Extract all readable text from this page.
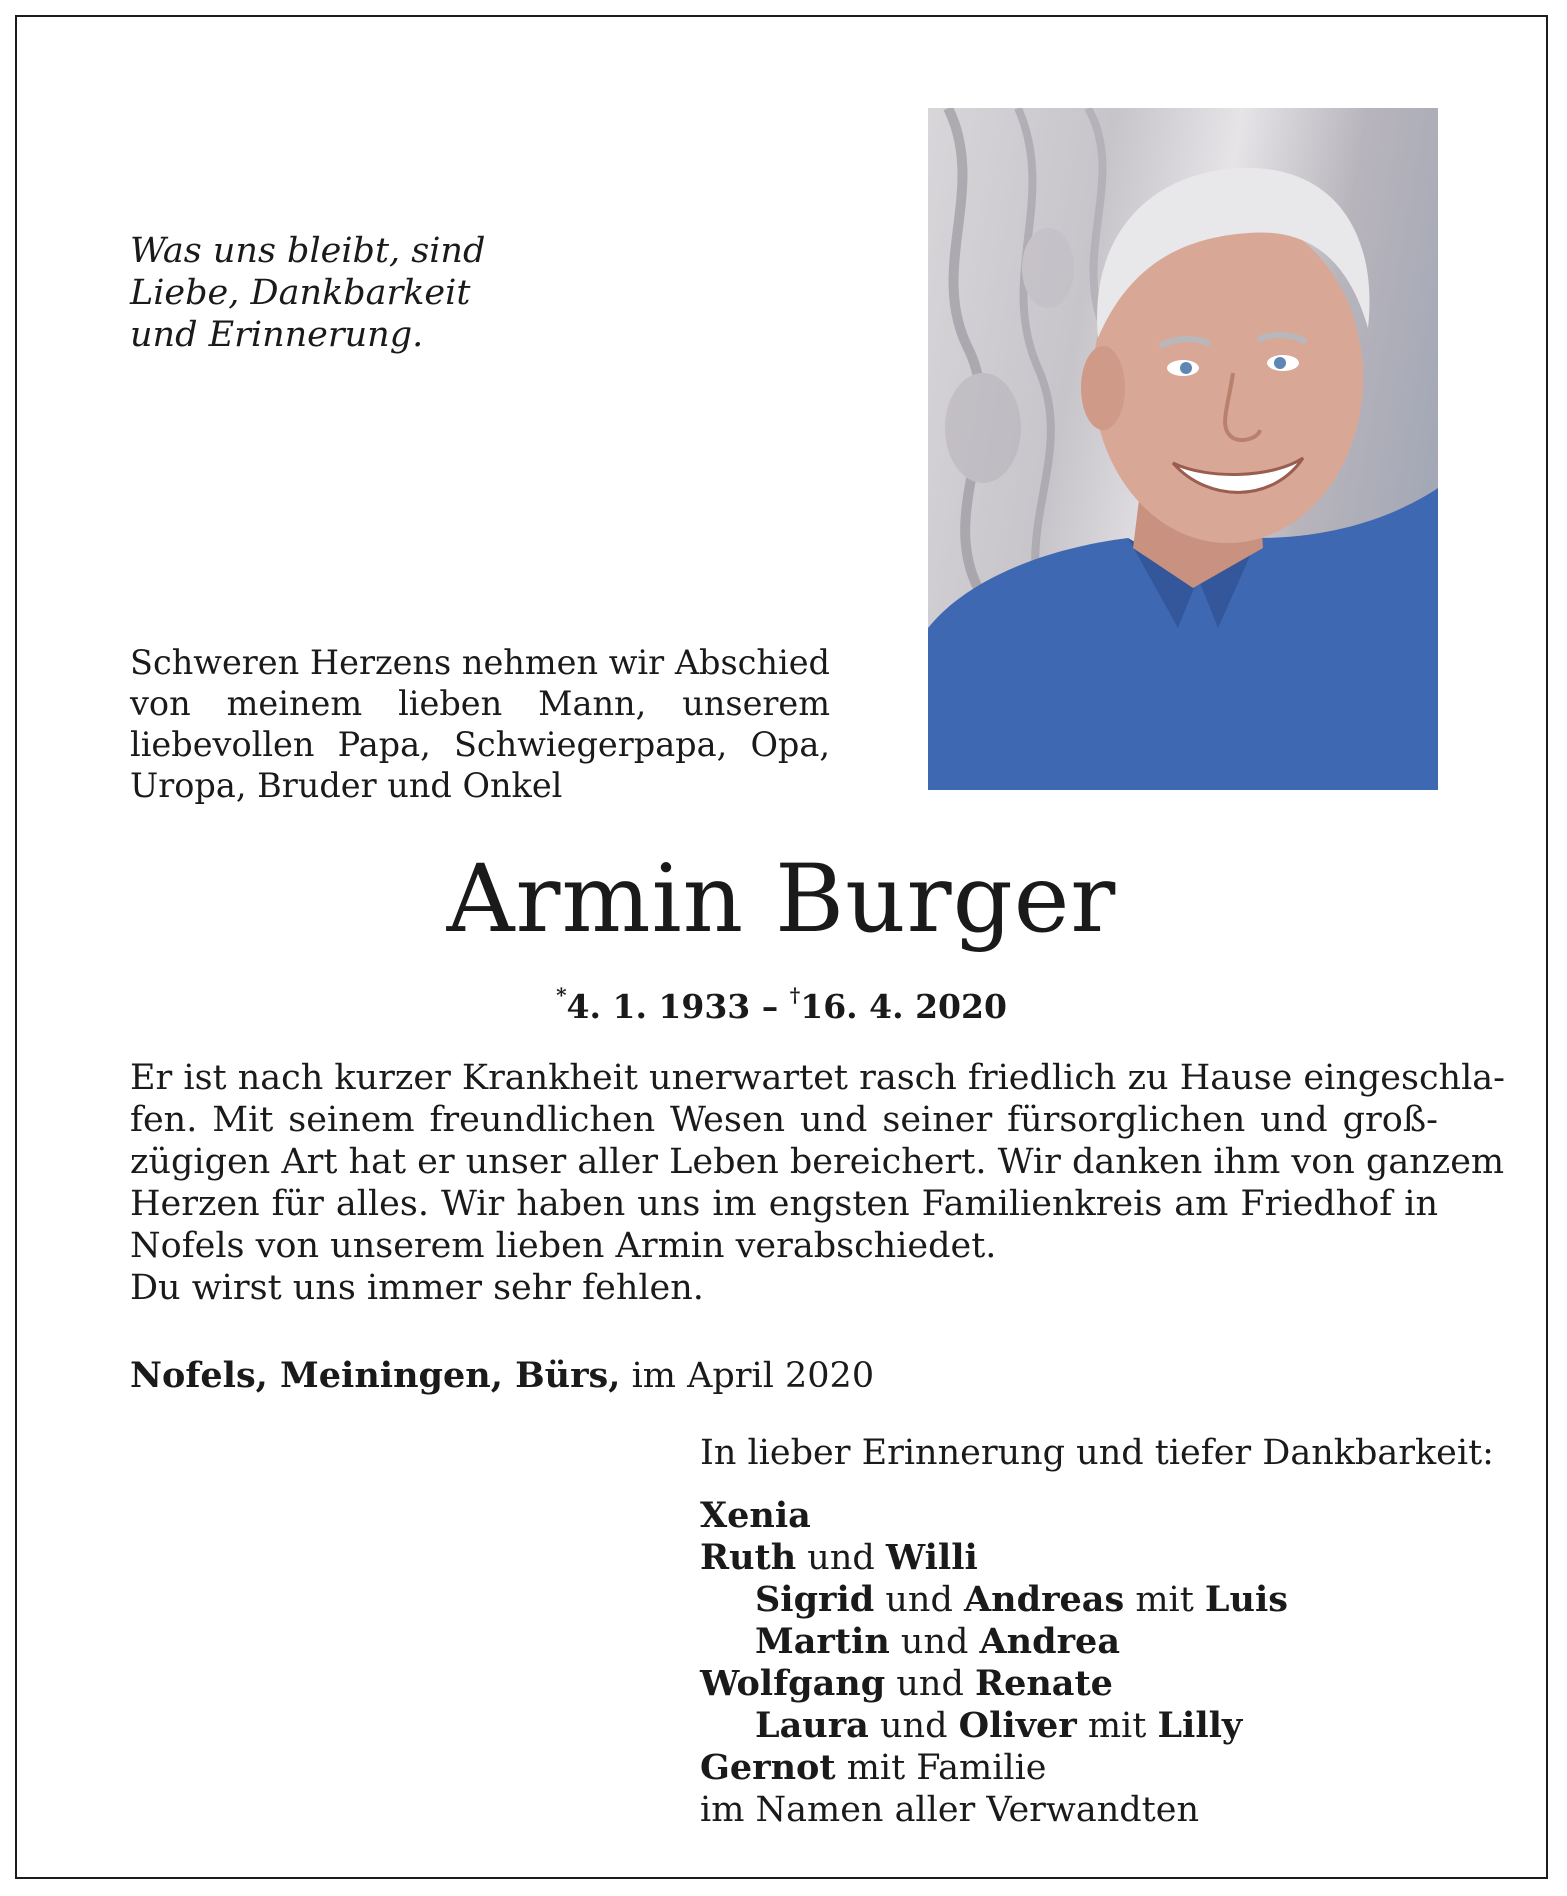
Was uns bleibt, sind
Liebe, Dankbarkeit
und Erinnerung.
Schweren Herzens nehmen wir Abschied
von meinem lieben Mann, unserem
liebevollen Papa, Schwiegerpapa, Opa,
Uropa, Bruder und Onkel
Armin Burger
*4. 1. 1933 – †16. 4. 2020
Er ist nach kurzer Krankheit unerwartet rasch friedlich zu Hause eingeschla-
fen. Mit seinem freundlichen Wesen und seiner fürsorglichen und groß-
zügigen Art hat er unser aller Leben bereichert. Wir danken ihm von ganzem
Herzen für alles. Wir haben uns im engsten Familienkreis am Friedhof in
Nofels von unserem lieben Armin verabschiedet.
Du wirst uns immer sehr fehlen.
Nofels, Meiningen, Bürs, im April 2020
In lieber Erinnerung und tiefer Dankbarkeit:
Xenia
Ruth und Willi
Sigrid und Andreas mit Luis
Martin und Andrea
Wolfgang und Renate
Laura und Oliver mit Lilly
Gernot mit Familie
im Namen aller Verwandten
